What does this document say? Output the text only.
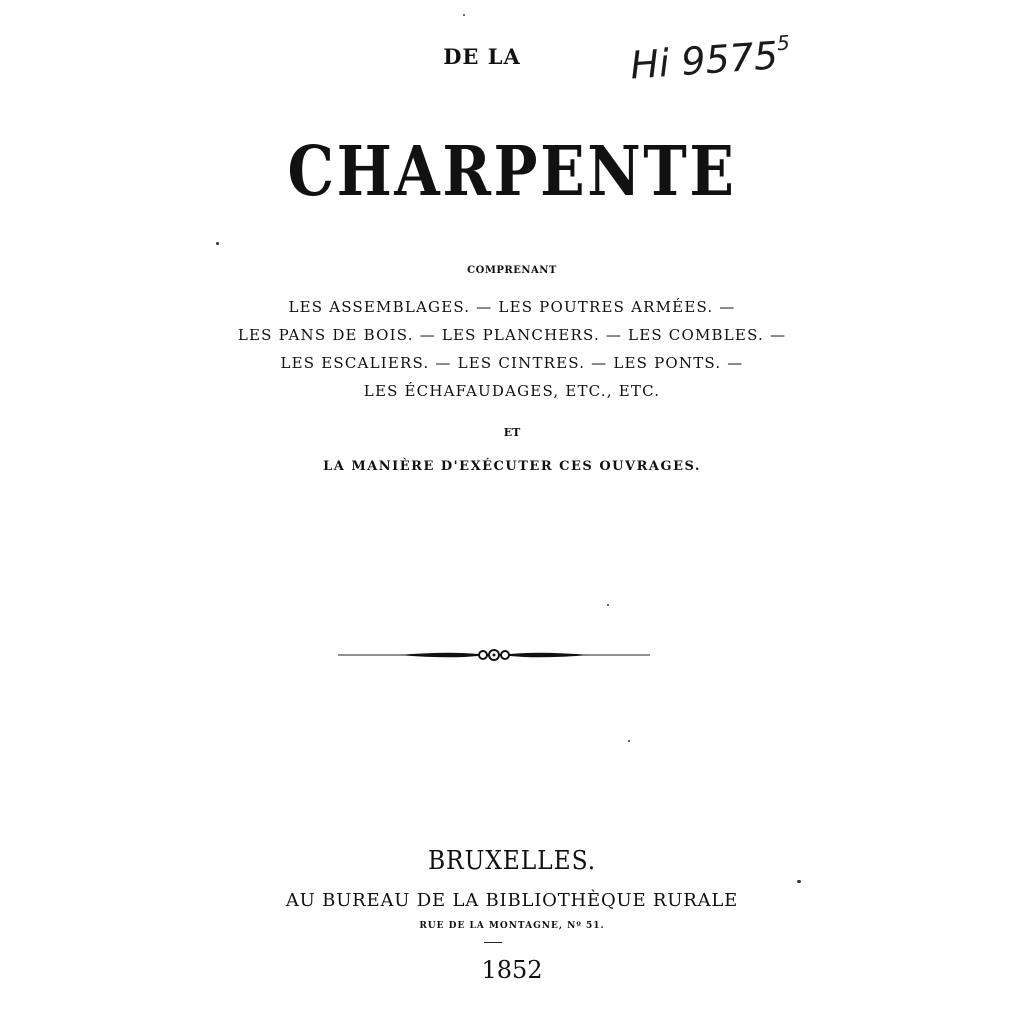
DE LA	Hi 9575$^5$
CHARPENTE
COMPRENANT
LES ASSEMBLAGES. — LES POUTRES ARMÉES. —
LES PANS DE BOIS. — LES PLANCHERS. — LES COMBLES. —
LES ESCALIERS. — LES CINTRES. — LES PONTS. —
LES ÉCHAFAUDAGES, ETC., ETC.
ET
LA MANIÈRE D'EXÉCUTER CES OUVRAGES.
BRUXELLES.
AU BUREAU DE LA BIBLIOTHÈQUE RURALE
RUE DE LA MONTAGNE, Nº 51.
1852
